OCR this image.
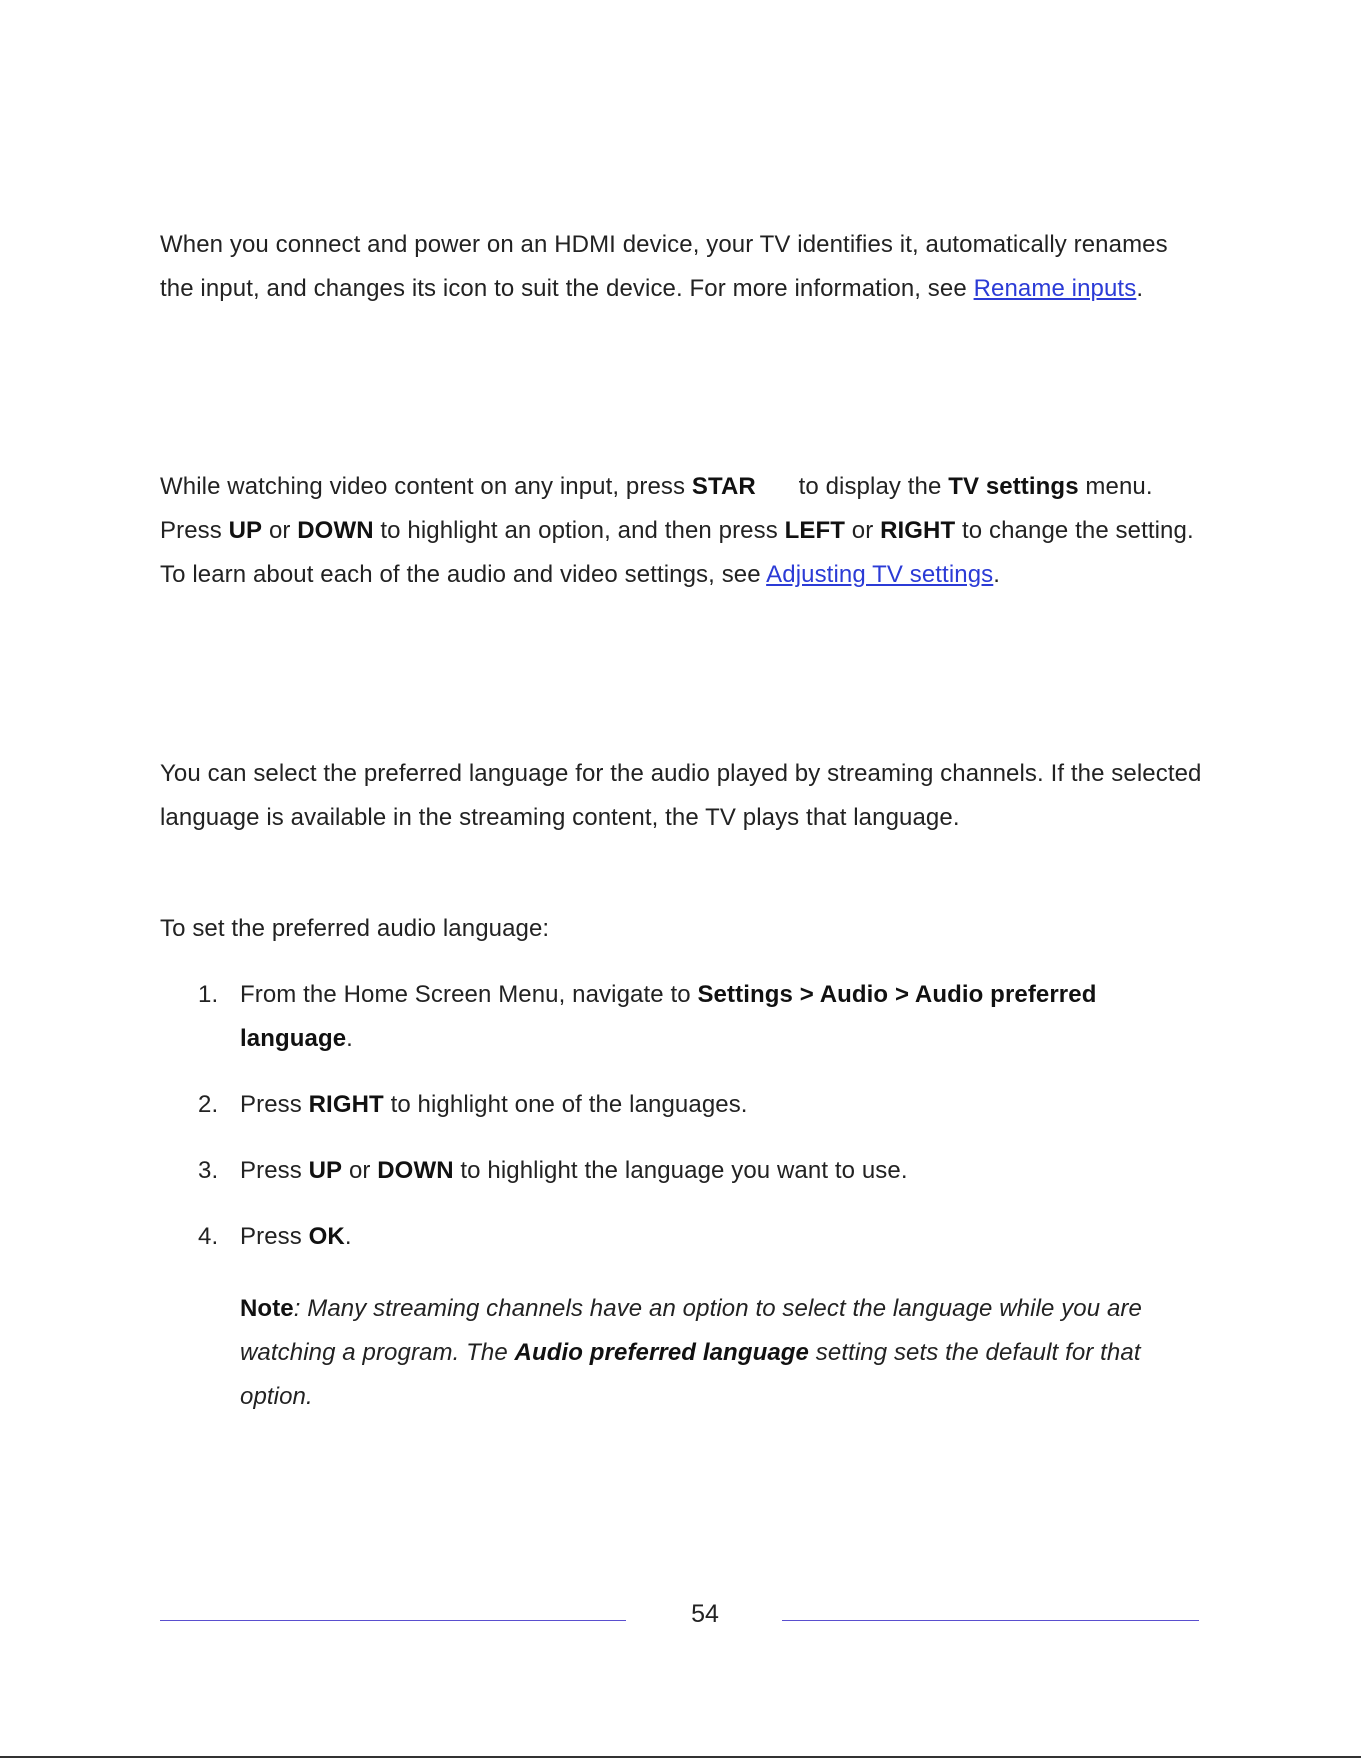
When you connect and power on an HDMI device, your TV identifies it, automatically renames the input, and changes its icon to suit the device. For more information, see Rename inputs.

While watching video content on any input, press STAR to display the TV settings menu. Press UP or DOWN to highlight an option, and then press LEFT or RIGHT to change the setting. To learn about each of the audio and video settings, see Adjusting TV settings.

You can select the preferred language for the audio played by streaming channels. If the selected language is available in the streaming content, the TV plays that language.

To set the preferred audio language:

1. From the Home Screen Menu, navigate to Settings > Audio > Audio preferred language.
2. Press RIGHT to highlight one of the languages.
3. Press UP or DOWN to highlight the language you want to use.
4. Press OK.

Note: Many streaming channels have an option to select the language while you are watching a program. The Audio preferred language setting sets the default for that option.

54
